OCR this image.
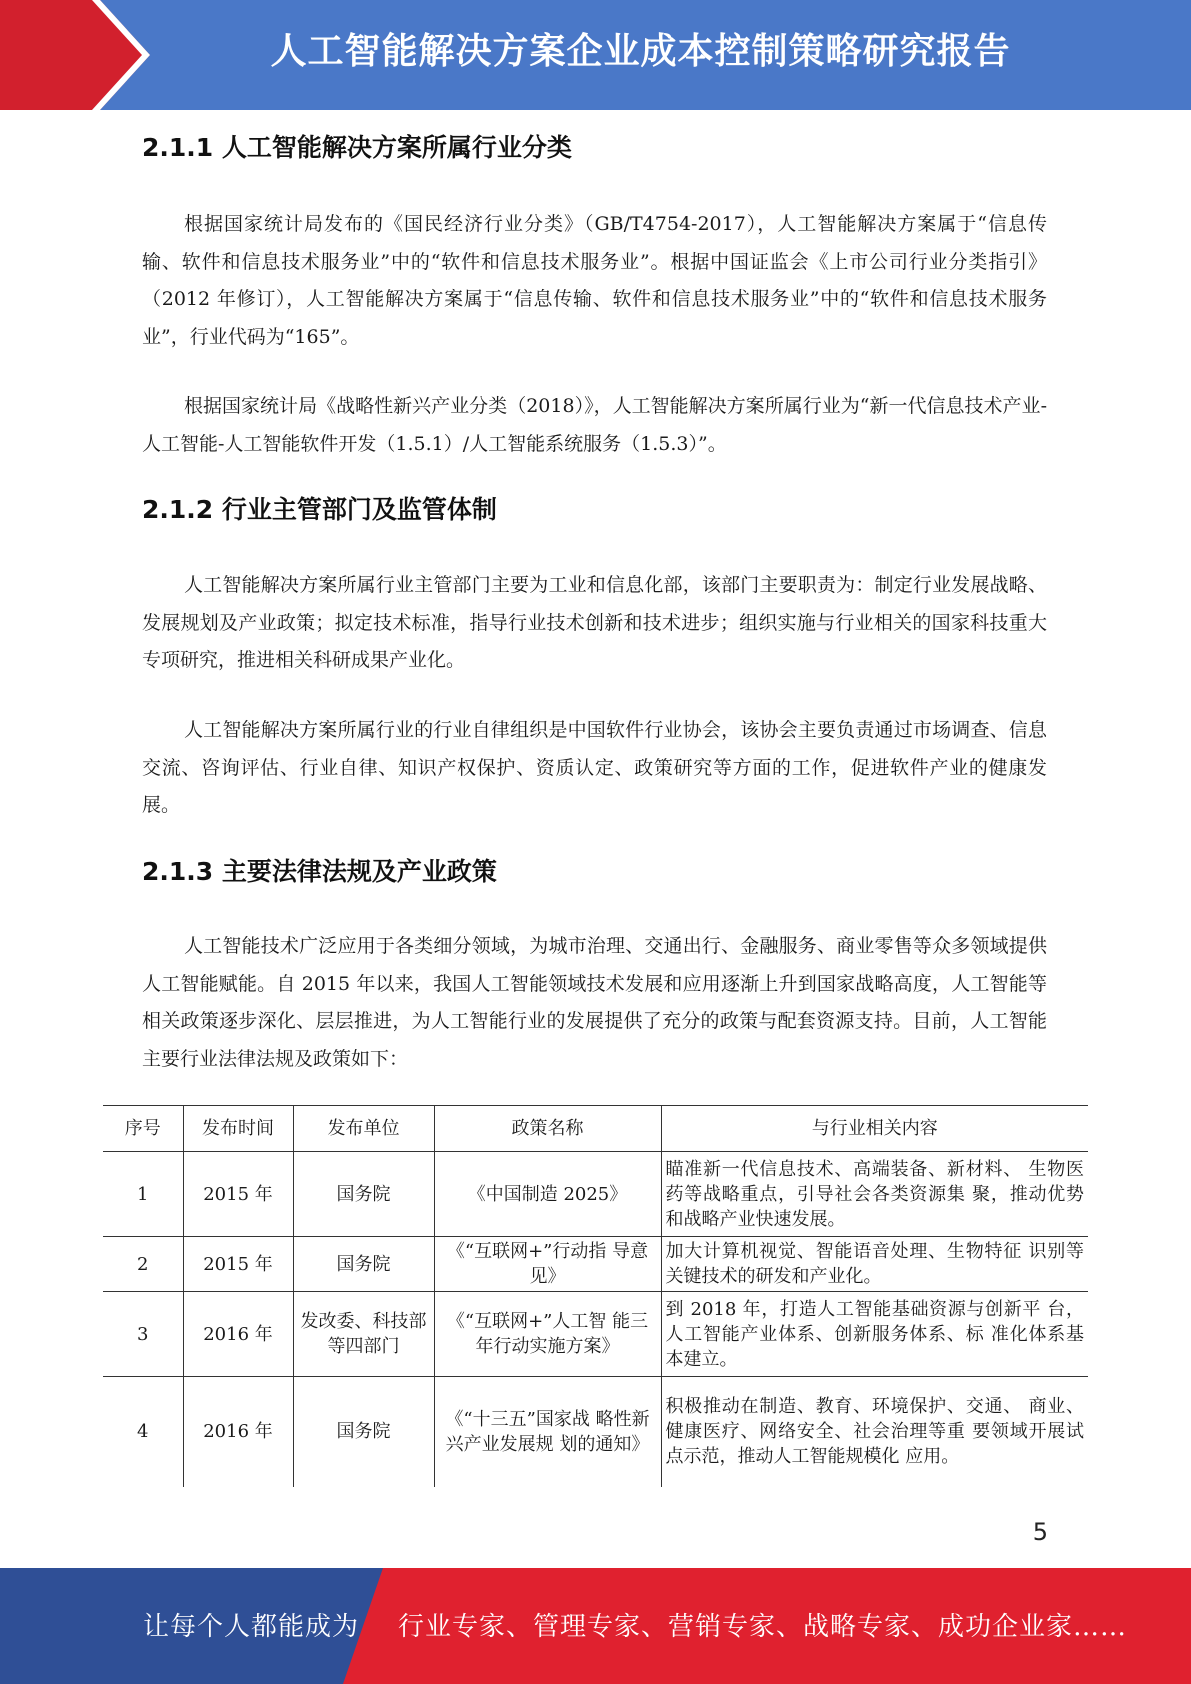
人工智能解决方案企业成本控制策略研究报告
2.1.1 人工智能解决方案所属行业分类

根据国家统计局发布的《国民经济行业分类》（GB/T4754-2017），人工智能解决方案属于“信息传输、软件和信息技术服务业”中的“软件和信息技术服务业”。根据中国证监会《上市公司行业分类指引》（2012 年修订），人工智能解决方案属于“信息传输、软件和信息技术服务业”中的“软件和信息技术服务业”，行业代码为“165”。

根据国家统计局《战略性新兴产业分类（2018）》，人工智能解决方案所属行业为“新一代信息技术产业-人工智能-人工智能软件开发（1.5.1）/人工智能系统服务（1.5.3）”。

2.1.2 行业主管部门及监管体制

人工智能解决方案所属行业主管部门主要为工业和信息化部，该部门主要职责为：制定行业发展战略、发展规划及产业政策；拟定技术标准，指导行业技术创新和技术进步；组织实施与行业相关的国家科技重大专项研究，推进相关科研成果产业化。

人工智能解决方案所属行业的行业自律组织是中国软件行业协会，该协会主要负责通过市场调查、信息交流、咨询评估、行业自律、知识产权保护、资质认定、政策研究等方面的工作，促进软件产业的健康发展。

2.1.3 主要法律法规及产业政策

人工智能技术广泛应用于各类细分领域，为城市治理、交通出行、金融服务、商业零售等众多领域提供人工智能赋能。自 2015 年以来，我国人工智能领域技术发展和应用逐渐上升到国家战略高度，人工智能等相关政策逐步深化、层层推进，为人工智能行业的发展提供了充分的政策与配套资源支持。目前，人工智能主要行业法律法规及政策如下：

序号	发布时间	发布单位	政策名称	与行业相关内容
1	2015 年	国务院	《中国制造 2025》	瞄准新一代信息技术、高端装备、新材料、 生物医药等战略重点，引导社会各类资源集 聚，推动优势和战略产业快速发展。
2	2015 年	国务院	《“互联网+”行动指 导意见》	加大计算机视觉、智能语音处理、生物特征 识别等关键技术的研发和产业化。
3	2016 年	发改委、科技部等四部门	《“互联网+”人工智 能三年行动实施方案》	到 2018 年，打造人工智能基础资源与创新平 台，人工智能产业体系、创新服务体系、标 准化体系基本建立。
4	2016 年	国务院	《“十三五”国家战 略性新兴产业发展规 划的通知》	积极推动在制造、教育、环境保护、交通、 商业、健康医疗、网络安全、社会治理等重 要领域开展试点示范，推动人工智能规模化 应用。
5
让每个人都能成为 行业专家、管理专家、营销专家、战略专家、成功企业家……
